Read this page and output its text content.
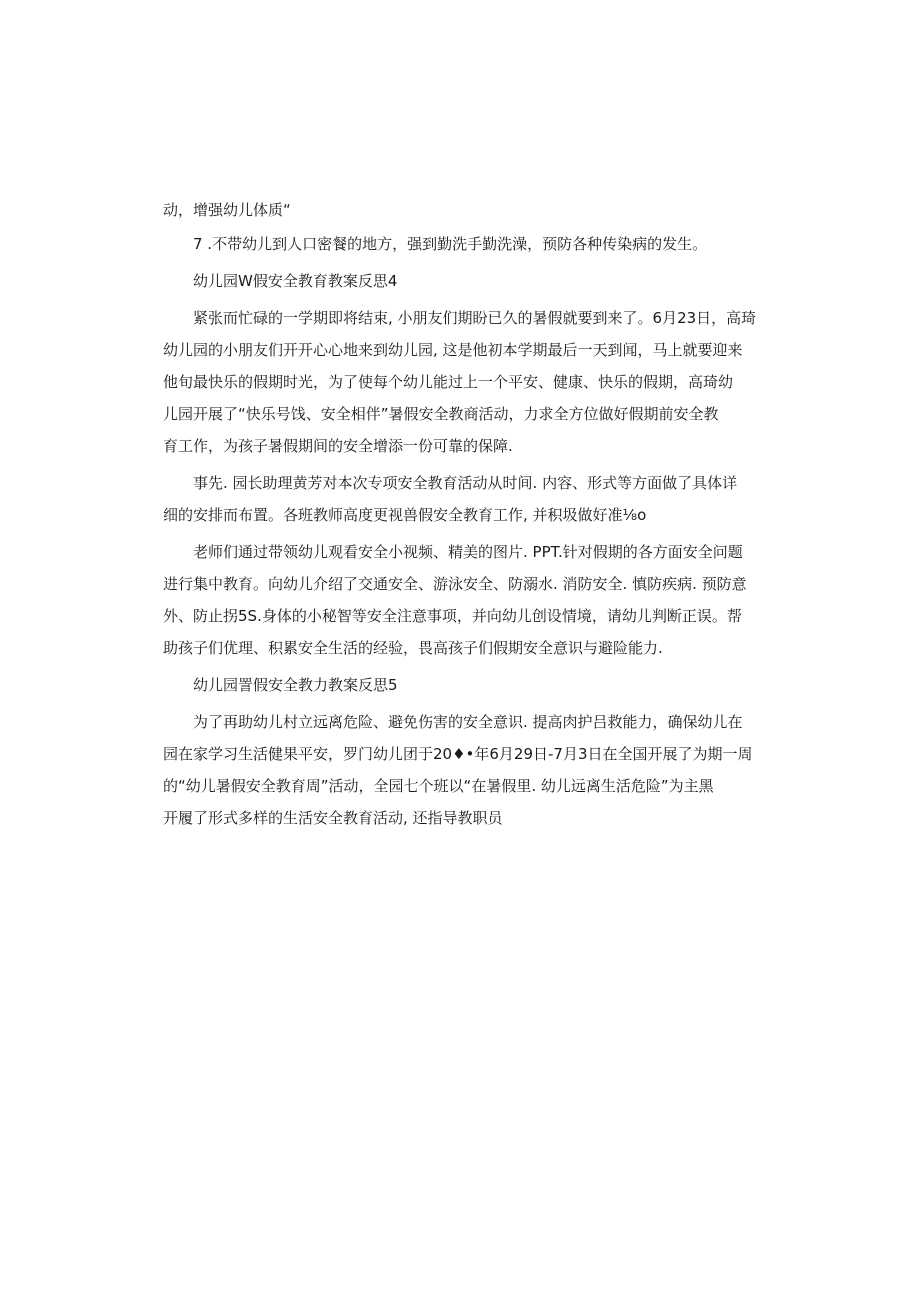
动，增强幼儿体质“
7 .不带幼儿到人口密餐的地方，强到勤洗手勤洗澡，预防各种传染病的发生。
幼儿园W假安全教育教案反思4
紧张而忙碌的一学期即将结束, 小朋友们期盼已久的暑假就要到来了。6月23日，高琦
幼儿园的小朋友们开开心心地来到幼儿园, 这是他初本学期最后一天到闻，马上就要迎来
他旬最快乐的假期时光，为了使每个幼儿能过上一个平安、健康、快乐的假期，高琦幼
儿园开展了“快乐号饯、安全相伴”暑假安全教商活动，力求全方位做好假期前安全教
育工作，为孩子暑假期间的安全增添一份可靠的保障.
事先. 园长助理黄芳对本次专项安全教育活动从时间. 内容、形式等方面做了具体详
细的安排而布置。各班教师高度更视兽假安全教育工作, 并积圾做好准⅛o
老师们通过带领幼儿观看安全小视频、精美的图片. PPT.针对假期的各方面安全问题
进行集中教育。向幼儿介绍了交通安全、游泳安全、防溺水. 消防安全. 慎防疾病. 预防意
外、防止拐5S.身体的小秘智等安全注意事项，并向幼儿创设情境，请幼儿判断正误。帮
助孩子们优理、积累安全生活的经验，畏高孩子们假期安全意识与避险能力.
幼儿园詈假安全教力教案反思5
为了再助幼儿村立远离危险、避免伤害的安全意识. 提高肉护吕救能力，确保幼儿在
园在家学习生活健果平安，罗门幼儿团于20♦•年6月29日-7月3日在全国开展了为期一周
的“幼儿暑假安全教育周”活动，全园七个班以“在暑假里. 幼儿远离生活危险”为主黑
开履了形式多样的生活安全教育活动, 还指导教职员
